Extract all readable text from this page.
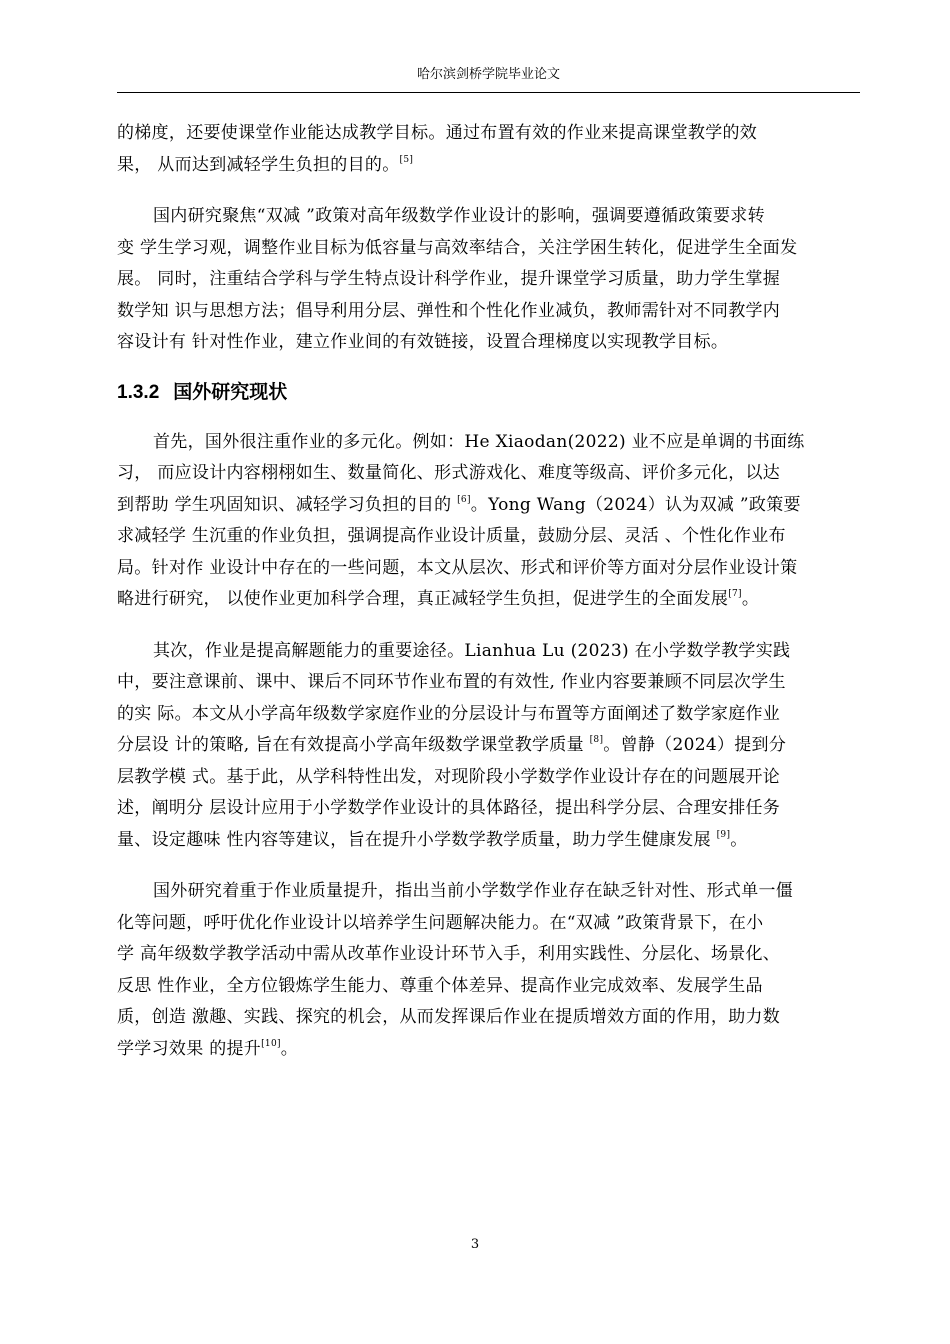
哈尔滨剑桥学院毕业论文

的梯度，还要使课堂作业能达成教学目标。通过布置有效的作业来提高课堂教学的效
果， 从而达到减轻学生负担的目的。[5]

国内研究聚焦“双减 ”政策对高年级数学作业设计的影响，强调要遵循政策要求转
变 学生学习观，调整作业目标为低容量与高效率结合，关注学困生转化，促进学生全面发
展。 同时，注重结合学科与学生特点设计科学作业，提升课堂学习质量，助力学生掌握
数学知 识与思想方法；倡导利用分层、弹性和个性化作业减负，教师需针对不同教学内
容设计有 针对性作业，建立作业间的有效链接，设置合理梯度以实现教学目标。

1.3.2 国外研究现状

首先，国外很注重作业的多元化。例如：He Xiaodan(2022) 业不应是单调的书面练
习， 而应设计内容栩栩如生、数量简化、形式游戏化、难度等级高、评价多元化，以达
到帮助 学生巩固知识、减轻学习负担的目的 [6]。Yong Wang（2024）认为双减 ”政策要
求减轻学 生沉重的作业负担，强调提高作业设计质量，鼓励分层、灵活 、个性化作业布
局。针对作 业设计中存在的一些问题，本文从层次、形式和评价等方面对分层作业设计策
略进行研究， 以使作业更加科学合理，真正减轻学生负担，促进学生的全面发展[7]。

其次，作业是提高解题能力的重要途径。Lianhua Lu (2023) 在小学数学教学实践
中，要注意课前、课中、课后不同环节作业布置的有效性, 作业内容要兼顾不同层次学生
的实 际。本文从小学高年级数学家庭作业的分层设计与布置等方面阐述了数学家庭作业
分层设 计的策略, 旨在有效提高小学高年级数学课堂教学质量 [8]。曾静（2024）提到分
层教学模 式。基于此，从学科特性出发，对现阶段小学数学作业设计存在的问题展开论
述，阐明分 层设计应用于小学数学作业设计的具体路径，提出科学分层、合理安排任务
量、设定趣味 性内容等建议，旨在提升小学数学教学质量，助力学生健康发展 [9]。

国外研究着重于作业质量提升，指出当前小学数学作业存在缺乏针对性、形式单一僵
化等问题，呼吁优化作业设计以培养学生问题解决能力。在“双减 ”政策背景下，在小
学 高年级数学教学活动中需从改革作业设计环节入手，利用实践性、分层化、场景化、
反思 性作业，全方位锻炼学生能力、尊重个体差异、提高作业完成效率、发展学生品
质，创造 激趣、实践、探究的机会，从而发挥课后作业在提质增效方面的作用，助力数
学学习效果 的提升[10]。

3
